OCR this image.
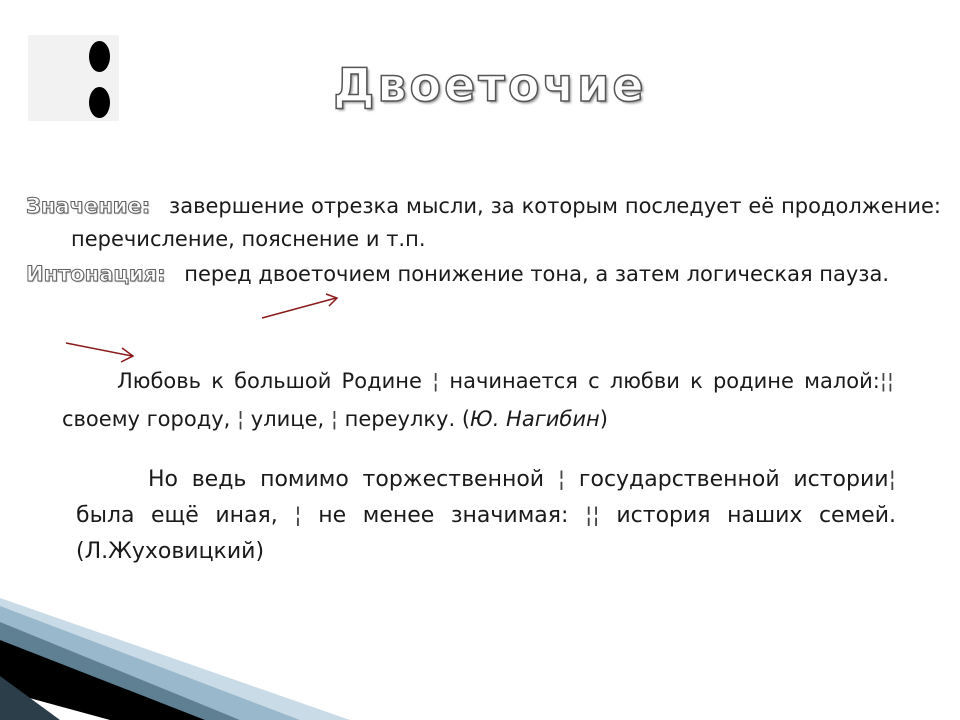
Двоеточие
Значение: завершение отрезка мысли, за которым последует её продолжение: перечисление, пояснение и т.п.
Интонация: перед двоеточием понижение тона, а затем логическая пауза.
Любовь к большой Родине ¦ начинается с любви к родине малой:¦¦ своему городу, ¦ улице, ¦ переулку. (Ю. Нагибин)
Но ведь помимо торжественной ¦ государственной истории¦ была ещё иная, ¦ не менее значимая: ¦¦ история наших семей. (Л.Жуховицкий)
